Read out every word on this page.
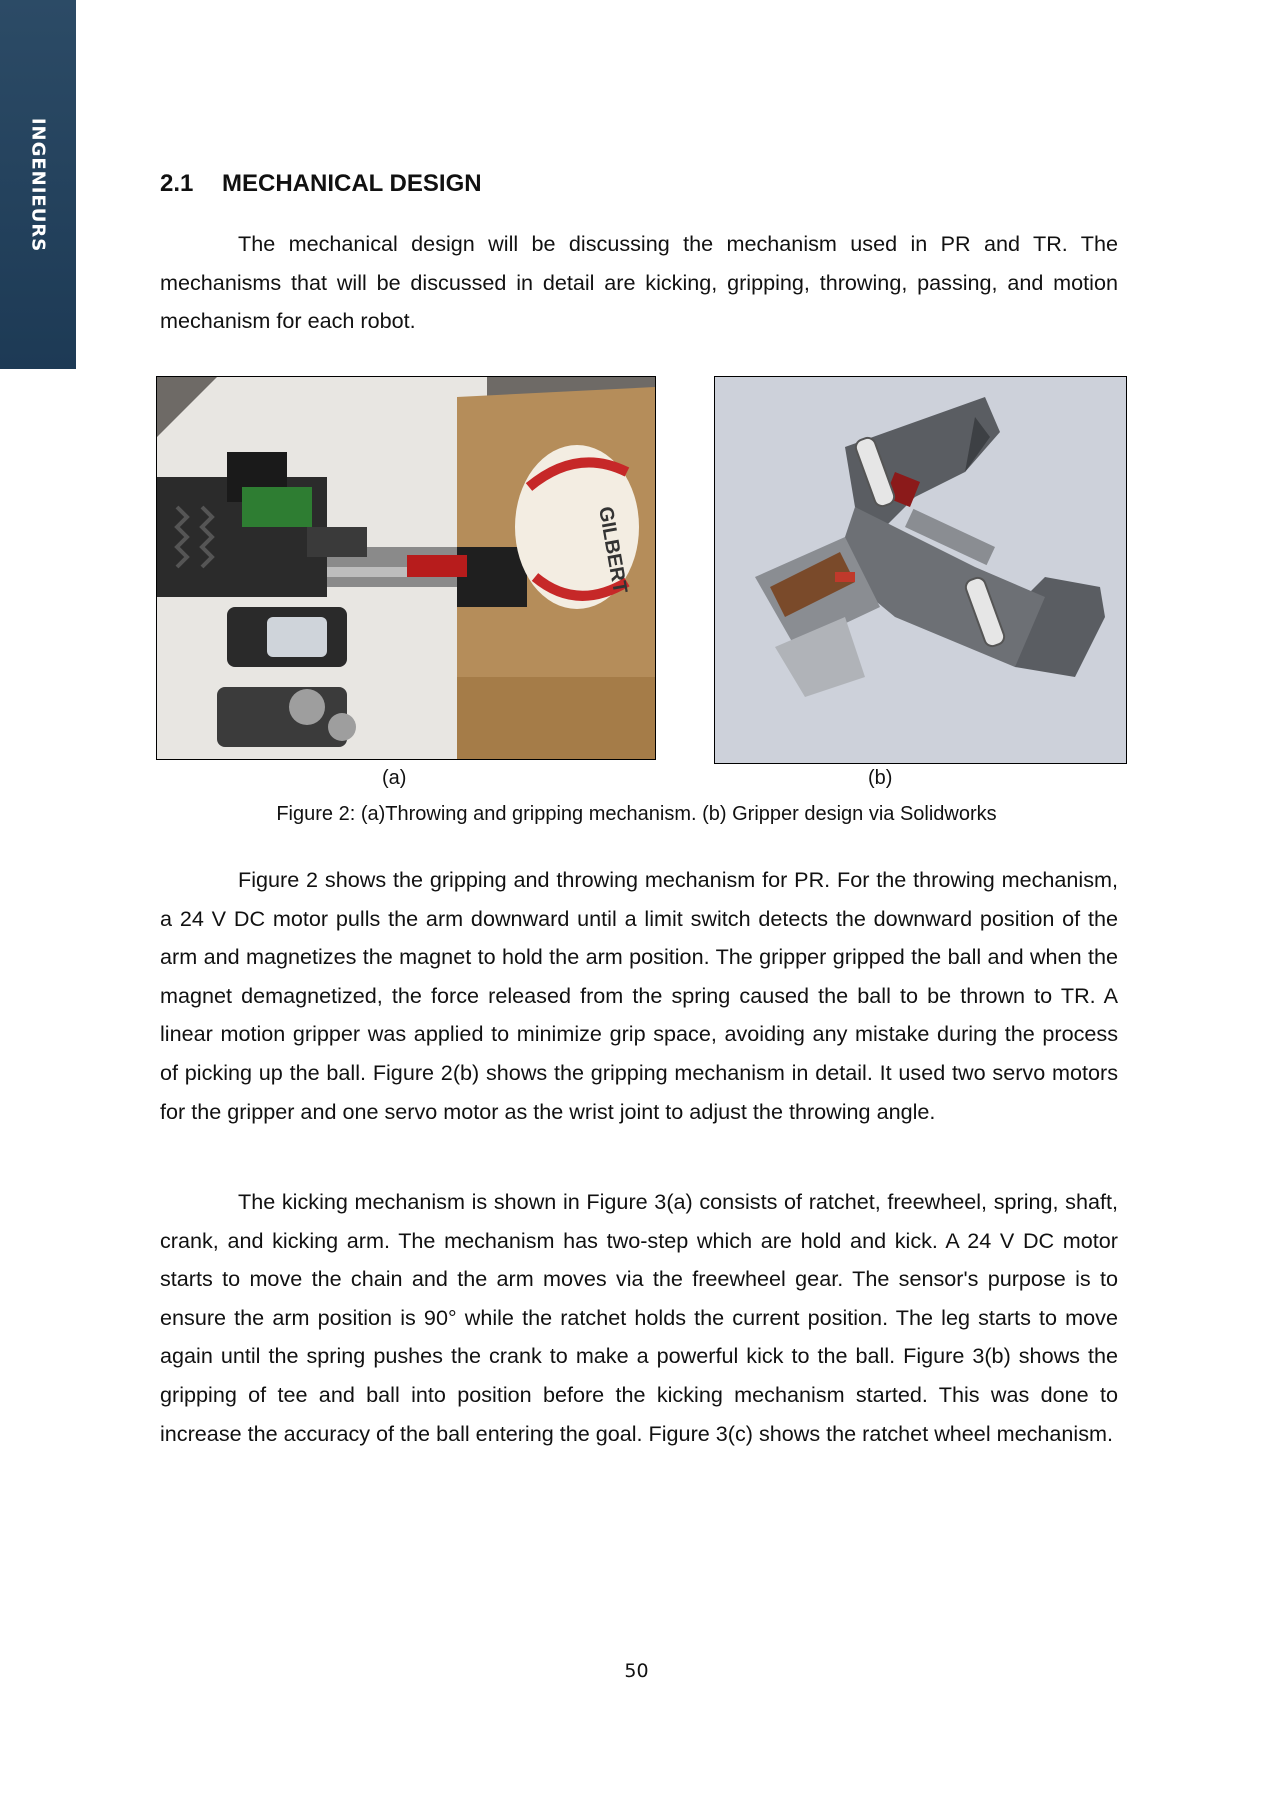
INGENIEURS	2.1 MECHANICAL DESIGN

The mechanical design will be discussing the mechanism used in PR and TR. The mechanisms that will be discussed in detail are kicking, gripping, throwing, passing, and motion mechanism for each robot.

GILBERT
(a)	(b)

Figure 2: (a)Throwing and gripping mechanism. (b) Gripper design via Solidworks

Figure 2 shows the gripping and throwing mechanism for PR. For the throwing mechanism, a 24 V DC motor pulls the arm downward until a limit switch detects the downward position of the arm and magnetizes the magnet to hold the arm position. The gripper gripped the ball and when the magnet demagnetized, the force released from the spring caused the ball to be thrown to TR. A linear motion gripper was applied to minimize grip space, avoiding any mistake during the process of picking up the ball. Figure 2(b) shows the gripping mechanism in detail. It used two servo motors for the gripper and one servo motor as the wrist joint to adjust the throwing angle.

The kicking mechanism is shown in Figure 3(a) consists of ratchet, freewheel, spring, shaft, crank, and kicking arm. The mechanism has two-step which are hold and kick. A 24 V DC motor starts to move the chain and the arm moves via the freewheel gear. The sensor's purpose is to ensure the arm position is 90° while the ratchet holds the current position. The leg starts to move again until the spring pushes the crank to make a powerful kick to the ball. Figure 3(b) shows the gripping of tee and ball into position before the kicking mechanism started. This was done to increase the accuracy of the ball entering the goal. Figure 3(c) shows the ratchet wheel mechanism.

50
